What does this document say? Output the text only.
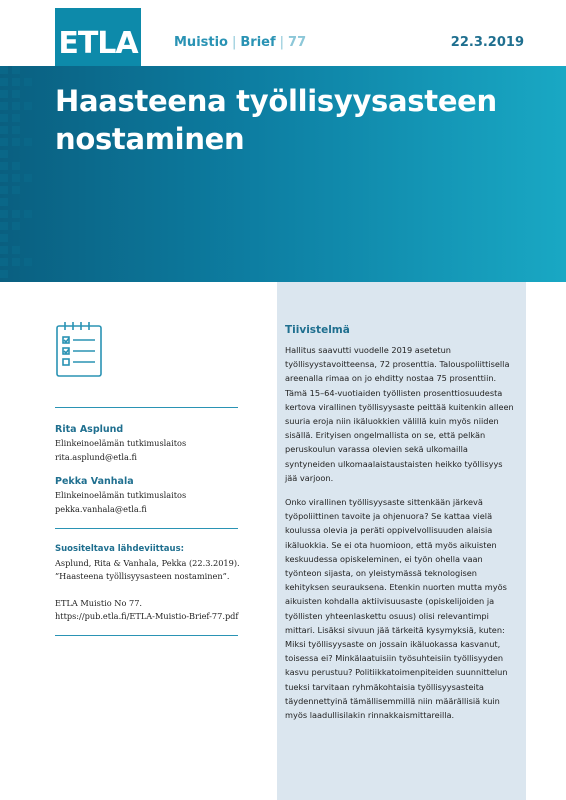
ETLA	Muistio | Brief | 77	22.3.2019
Haasteena työllisyysasteen
nostaminen
Rita Asplund
Elinkeinoelämän tutkimuslaitos
rita.asplund@etla.fi
Pekka Vanhala
Elinkeinoelämän tutkimuslaitos
pekka.vanhala@etla.fi
Suositeltava lähdeviittaus:
Asplund, Rita & Vanhala, Pekka (22.3.2019).
”Haasteena työllisyysasteen nostaminen”.
ETLA Muistio No 77.
https://pub.etla.fi/ETLA-Muistio-Brief-77.pdf
Tiivistelmä

Hallitus saavutti vuodelle 2019 asetetun työllisyystavoitteensa, 72 prosenttia. Talouspoliittisella areenalla rimaa on jo ehditty nostaa 75 prosenttiin. Tämä 15–64-vuotiaiden työllisten prosenttiosuudesta kertova virallinen työllisyysaste peittää kuitenkin alleen suuria eroja niin ikäluokkien välillä kuin myös niiden sisällä. Erityisen ongelmallista on se, että pelkän peruskoulun varassa olevien sekä ulkomailla syntyneiden ulkomaalaistaustaisten heikko työllisyys jää varjoon.

Onko virallinen työllisyysaste sittenkään järkevä työpoliittinen tavoite ja ohjenuora? Se kattaa vielä koulussa olevia ja peräti oppivelvollisuuden alaisia ikäluokkia. Se ei ota huomioon, että myös aikuisten keskuudessa opiskeleminen, ei työn ohella vaan työnteon sijasta, on yleistymässä teknologisen kehityksen seurauksena. Etenkin nuorten mutta myös aikuisten kohdalla aktiivisuusaste (opiskelijoiden ja työllisten yhteenlaskettu osuus) olisi relevantimpi mittari. Lisäksi sivuun jää tärkeitä kysymyksiä, kuten: Miksi työllisyysaste on jossain ikäluokassa kasvanut, toisessa ei? Minkälaatuisiin työsuhteisiin työllisyyden kasvu perustuu? Politiikkatoimenpiteiden suunnittelun tueksi tarvitaan ryhmäkohtaisia työllisyysasteita täydennettyinä tämällisemmillä niin määrällisiä kuin myös laadullisilakin rinnakkaismittareilla.
